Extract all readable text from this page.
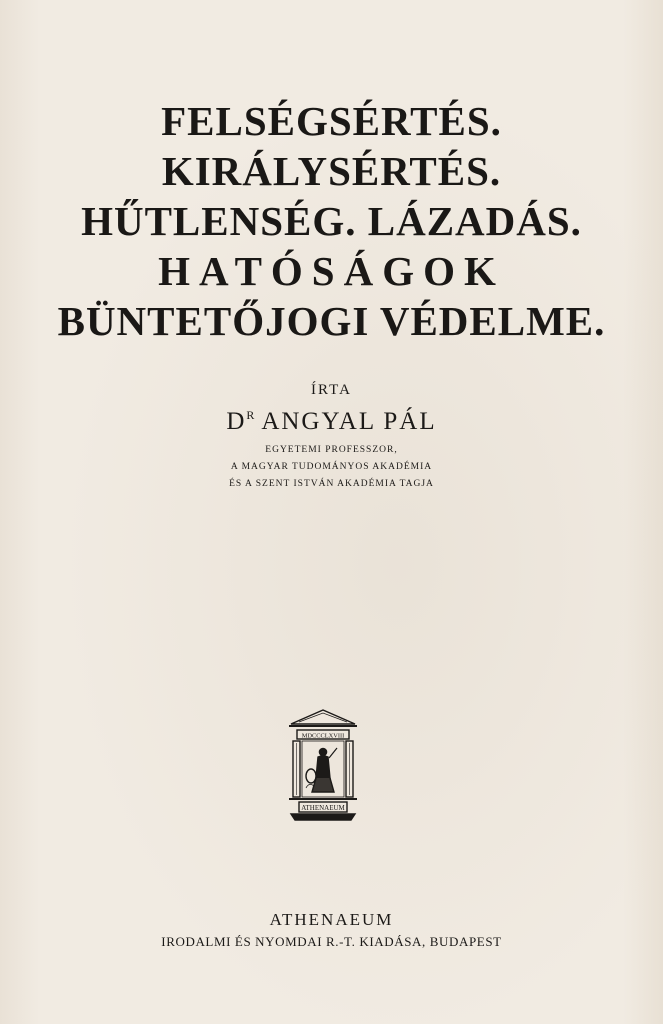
FELSÉGSÉRTÉS.
KIRÁLYSÉRTÉS.
HŰTLENSÉG. LÁZADÁS.
HATÓSÁGOK
BÜNTETŐJOGI VÉDELME.
ÍRTA
$D^R$ ANGYAL PÁL
EGYETEMI PROFESSZOR,
A MAGYAR TUDOMÁNYOS AKADÉMIA
ÉS A SZENT ISTVÁN AKADÉMIA TAGJA
MDCCCLXVIII
ATHENAEUM
ATHENAEUM
IRODALMI ÉS NYOMDAI R.-T. KIADÁSA, BUDAPEST
